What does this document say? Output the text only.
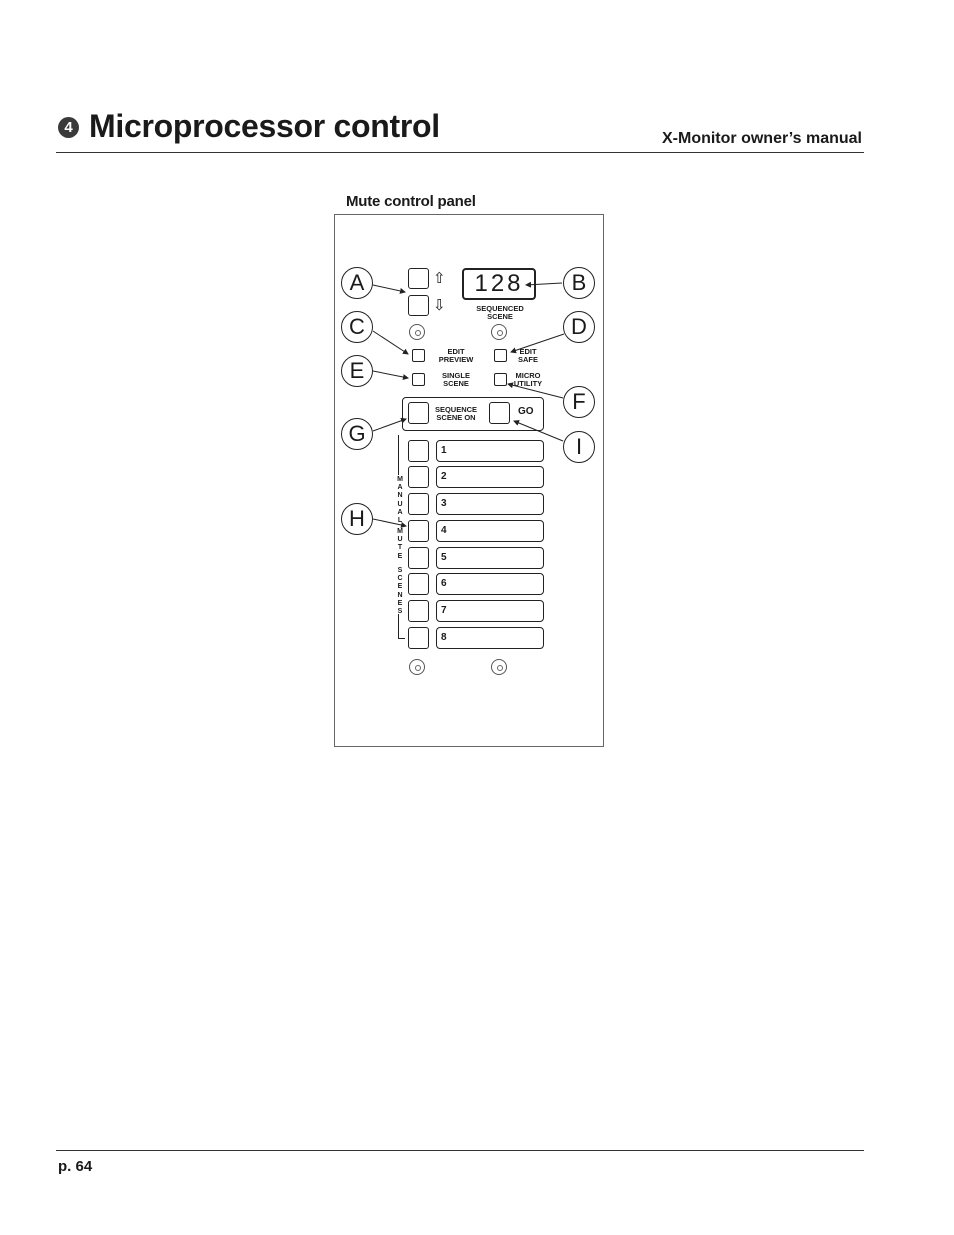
4 Microprocessor control	X-Monitor owner’s manual
Mute control panel
⇧
⇩
128
SEQUENCED
SCENE
EDIT
PREVIEW
EDIT
SAFE
SINGLE
SCENE
MICRO
UTILITY
SEQUENCE
SCENE ON
GO
1
2
3
4
5
6
7
8
MANUAL
MUTE
SCENES
A	B
C	D
E
F
G
H
I
p. 64
